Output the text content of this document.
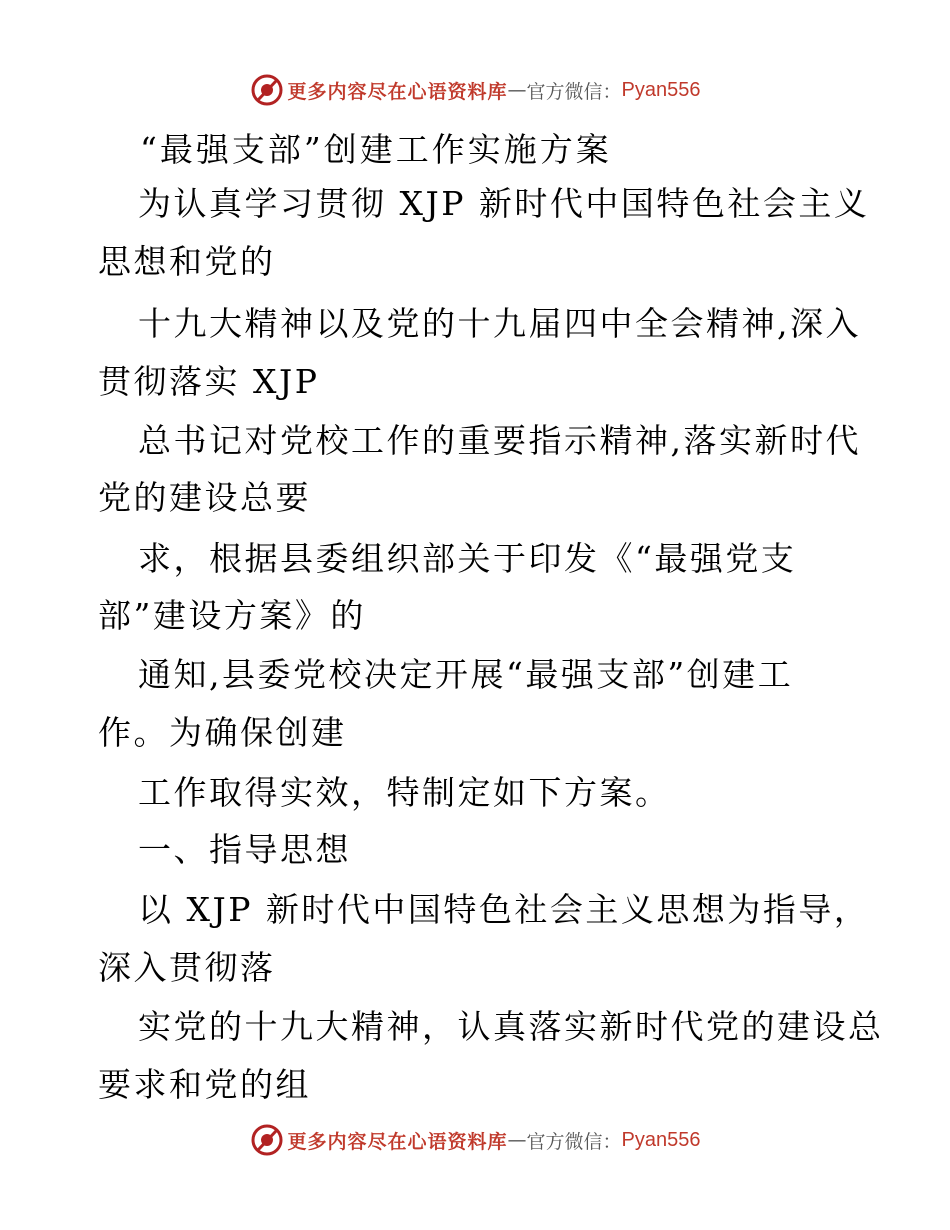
更多内容尽在心语资料库 — 官方微信： Pyan556
“最强支部”创建工作实施方案
为认真学习贯彻 XJP 新时代中国特色社会主义
思想和党的
十九大精神以及党的十九届四中全会精神,深入
贯彻落实 XJP
总书记对党校工作的重要指示精神,落实新时代
党的建设总要
求，根据县委组织部关于印发《“最强党支
部”建设方案》的
通知,县委党校决定开展“最强支部”创建工
作。为确保创建
工作取得实效，特制定如下方案。
一、指导思想
以 XJP 新时代中国特色社会主义思想为指导，
深入贯彻落
实党的十九大精神，认真落实新时代党的建设总
要求和党的组
更多内容尽在心语资料库 — 官方微信： Pyan556
